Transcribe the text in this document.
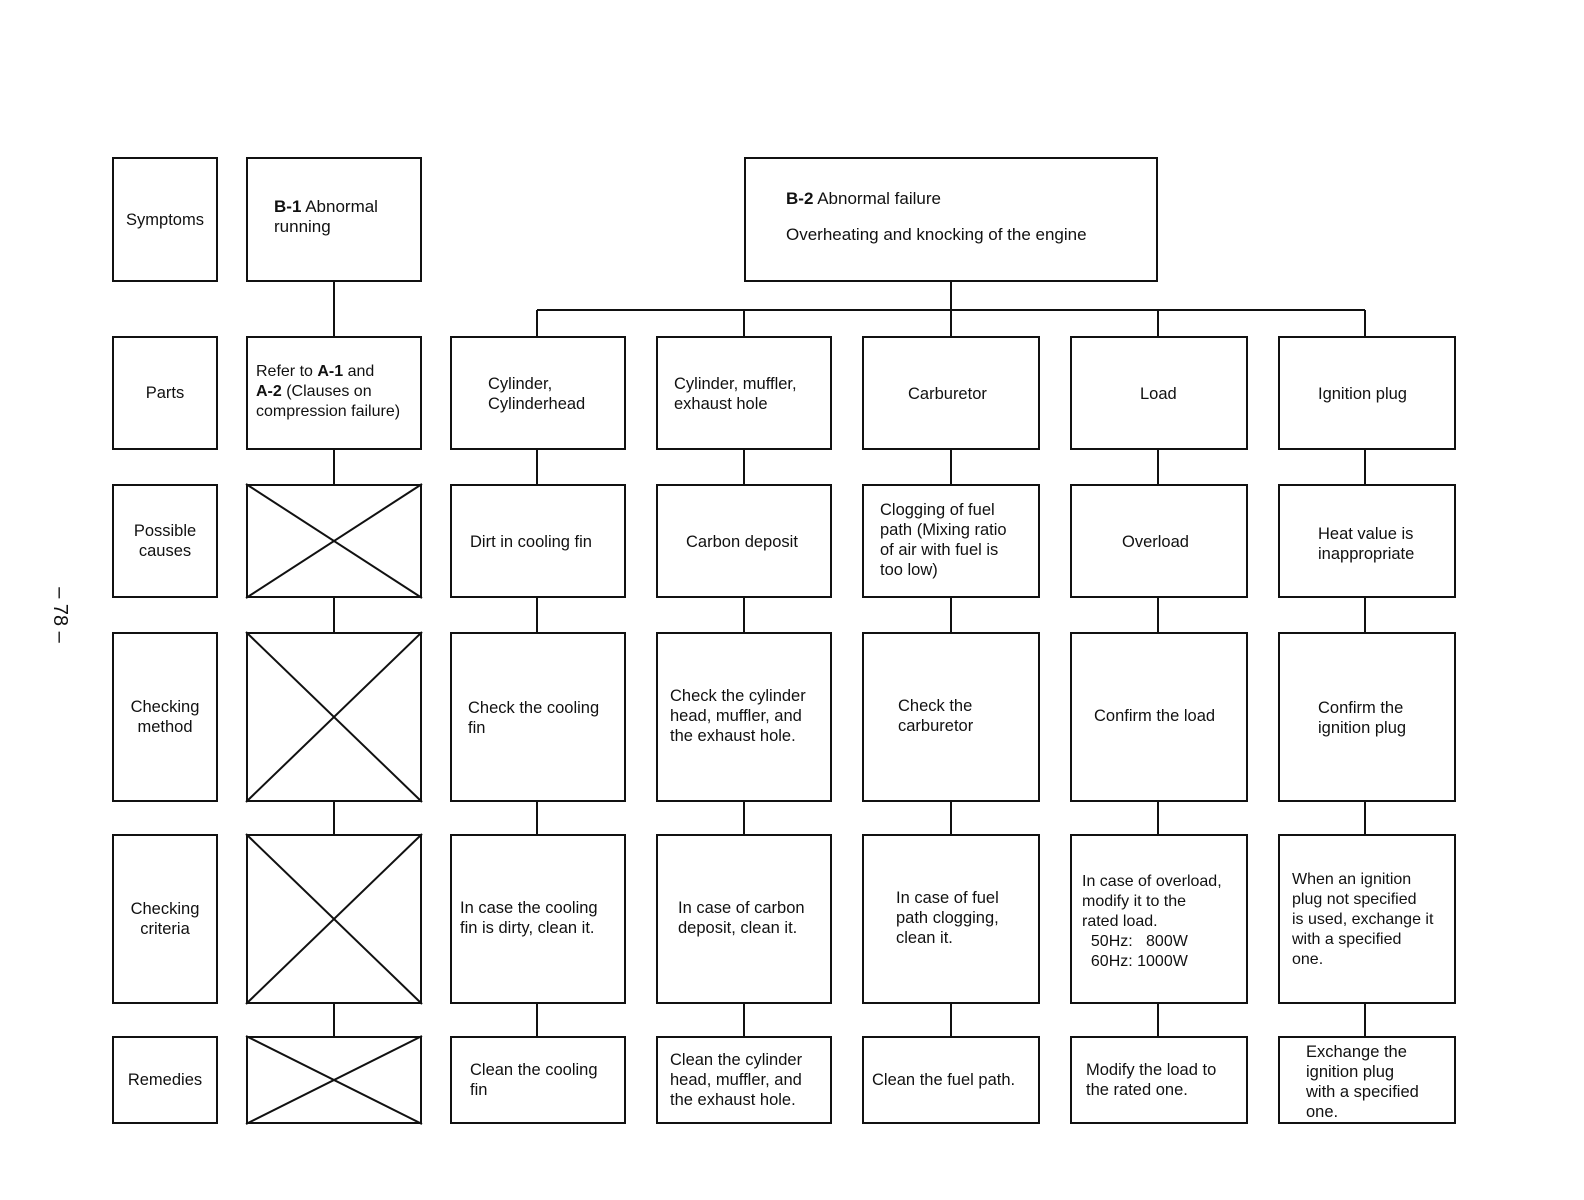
Symptoms
Parts
Possible
causes
Checking
method
Checking
criteria
Remedies
B-1 Abnormal
running
Refer to A-1 and
A-2 (Clauses on
compression failure)
B-2 Abnormal failure
Overheating and knocking of the engine
Cylinder,
Cylinderhead
Dirt in cooling fin
Check the cooling
fin
In case the cooling
fin is dirty, clean it.
Clean the cooling
fin
Cylinder, muffler,
exhaust hole
Carbon deposit
Check the cylinder
head, muffler, and
the exhaust hole.
In case of carbon
deposit, clean it.
Clean the cylinder
head, muffler, and
the exhaust hole.
Carburetor
Clogging of fuel
path (Mixing ratio
of air with fuel is
too low)
Check the
carburetor
In case of fuel
path clogging,
clean it.
Clean the fuel path.
Load
Overload
Confirm the load
In case of overload,
modify it to the
rated load.
50Hz:   800W
60Hz: 1000W
Modify the load to
the rated one.
Ignition plug
Heat value is
inappropriate
Confirm the
ignition plug
When an ignition
plug not specified
is used, exchange it
with a specified
one.
Exchange the
ignition plug
with a specified
one.
– 78 –
